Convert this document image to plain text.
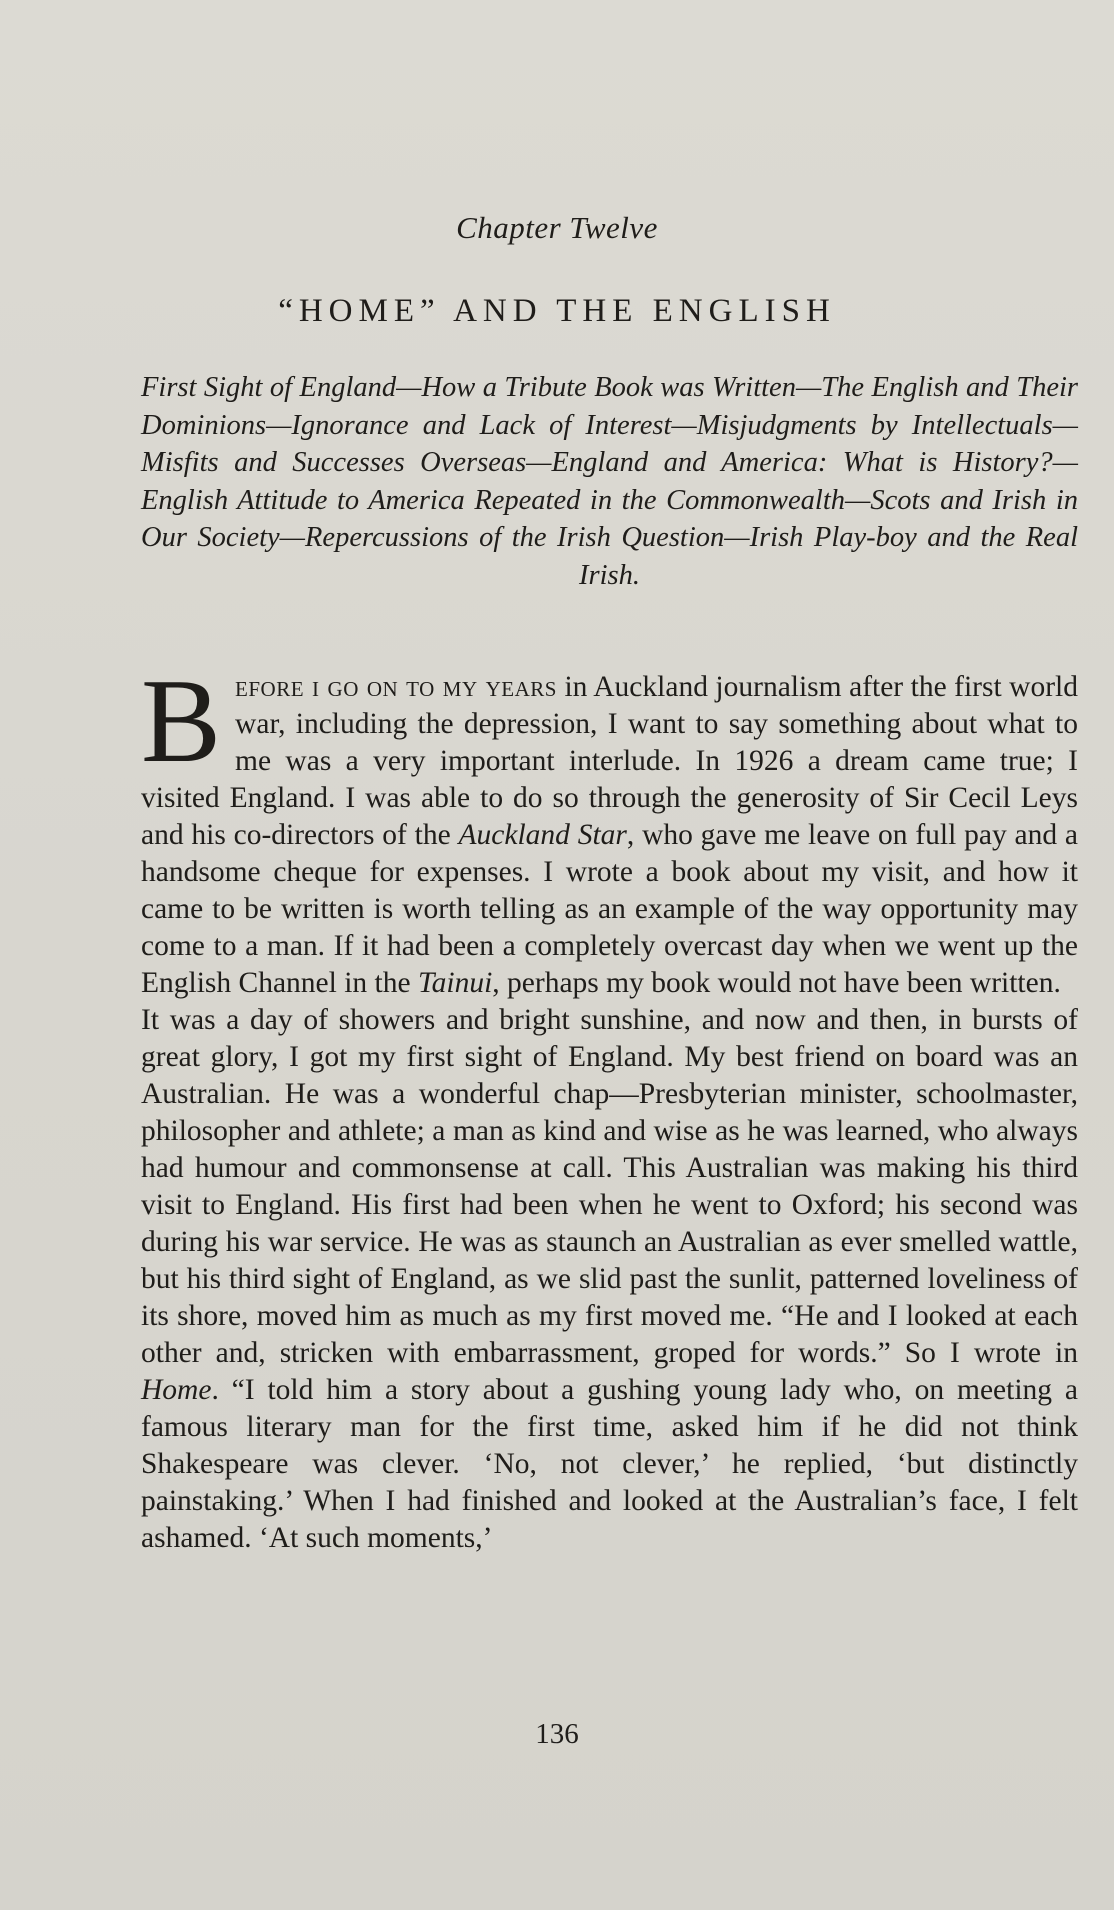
Chapter Twelve
“HOME” AND THE ENGLISH
First Sight of England—How a Tribute Book was Written—The English and Their Dominions—Ignorance and Lack of Interest—Misjudgments by Intellectuals—Misfits and Successes Overseas—England and America: What is History?—English Attitude to America Repeated in the Commonwealth—Scots and Irish in Our Society—Repercussions of the Irish Question—Irish Play-boy and the Real Irish.

Before i go on to my years in Auckland journalism after the first world war, including the depression, I want to say something about what to me was a very important interlude. In 1926 a dream came true; I visited England. I was able to do so through the generosity of Sir Cecil Leys and his co-directors of the Auckland Star, who gave me leave on full pay and a handsome cheque for expenses. I wrote a book about my visit, and how it came to be written is worth telling as an example of the way opportunity may come to a man. If it had been a completely overcast day when we went up the English Channel in the Tainui, perhaps my book would not have been written.

It was a day of showers and bright sunshine, and now and then, in bursts of great glory, I got my first sight of England. My best friend on board was an Australian. He was a wonderful chap—Presbyterian minister, schoolmaster, philosopher and athlete; a man as kind and wise as he was learned, who always had humour and commonsense at call. This Australian was making his third visit to England. His first had been when he went to Oxford; his second was during his war service. He was as staunch an Australian as ever smelled wattle, but his third sight of England, as we slid past the sunlit, patterned loveliness of its shore, moved him as much as my first moved me. “He and I looked at each other and, stricken with embarrassment, groped for words.” So I wrote in Home. “I told him a story about a gushing young lady who, on meeting a famous literary man for the first time, asked him if he did not think Shakespeare was clever. ‘No, not clever,’ he replied, ‘but distinctly painstaking.’ When I had finished and looked at the Australian’s face, I felt ashamed. ‘At such moments,’

136
